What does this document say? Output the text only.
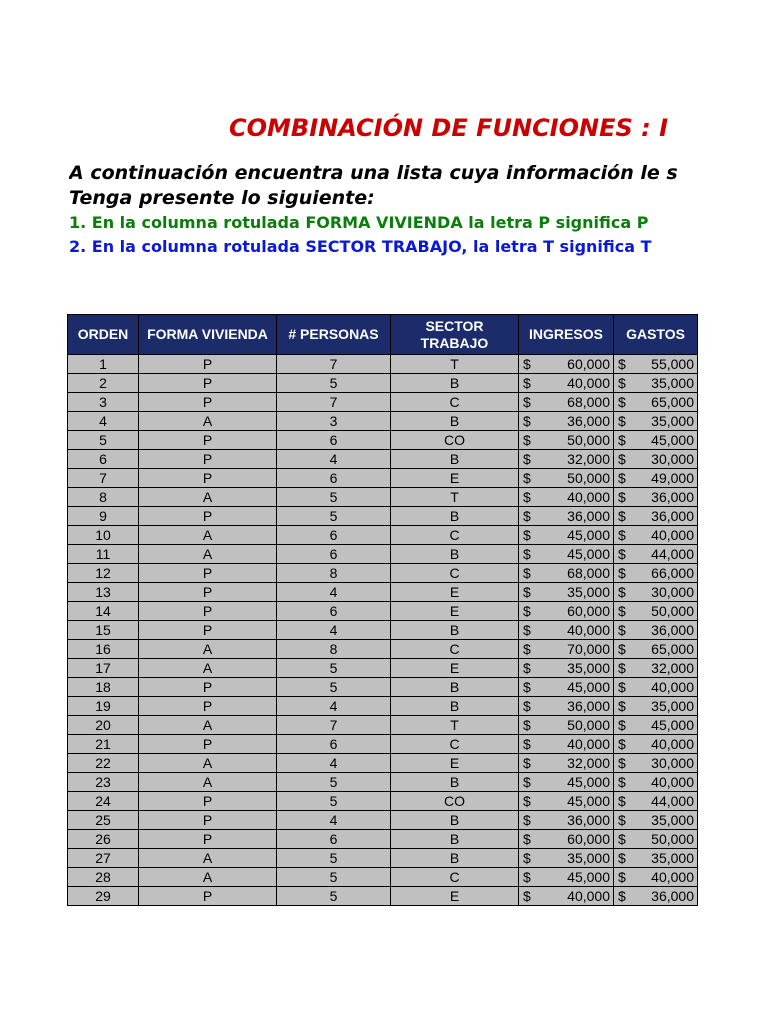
COMBINACIÓN DE FUNCIONES : I
A continuación encuentra una lista cuya información le s
Tenga presente lo siguiente:
1. En la columna rotulada FORMA VIVIENDA la letra P significa P
2. En la columna rotulada SECTOR TRABAJO, la letra T significa T
ORDEN	FORMA VIVIENDA	# PERSONAS	SECTOR TRABAJO	INGRESOS	GASTOS
1	P	7	T	$ 60,000	$ 55,000

2	P	5	B	$ 40,000	$ 35,000

3	P	7	C	$ 68,000	$ 65,000

4	A	3	B	$ 36,000	$ 35,000

5	P	6	CO	$ 50,000	$ 45,000

6	P	4	B	$ 32,000	$ 30,000

7	P	6	E	$ 50,000	$ 49,000

8	A	5	T	$ 40,000	$ 36,000

9	P	5	B	$ 36,000	$ 36,000

10	A	6	C	$ 45,000	$ 40,000

11	A	6	B	$ 45,000	$ 44,000

12	P	8	C	$ 68,000	$ 66,000

13	P	4	E	$ 35,000	$ 30,000

14	P	6	E	$ 60,000	$ 50,000

15	P	4	B	$ 40,000	$ 36,000

16	A	8	C	$ 70,000	$ 65,000

17	A	5	E	$ 35,000	$ 32,000

18	P	5	B	$ 45,000	$ 40,000

19	P	4	B	$ 36,000	$ 35,000

20	A	7	T	$ 50,000	$ 45,000

21	P	6	C	$ 40,000	$ 40,000

22	A	4	E	$ 32,000	$ 30,000

23	A	5	B	$ 45,000	$ 40,000

24	P	5	CO	$ 45,000	$ 44,000

25	P	4	B	$ 36,000	$ 35,000

26	P	6	B	$ 60,000	$ 50,000

27	A	5	B	$ 35,000	$ 35,000

28	A	5	C	$ 45,000	$ 40,000

29	P	5	E	$ 40,000	$ 36,000
